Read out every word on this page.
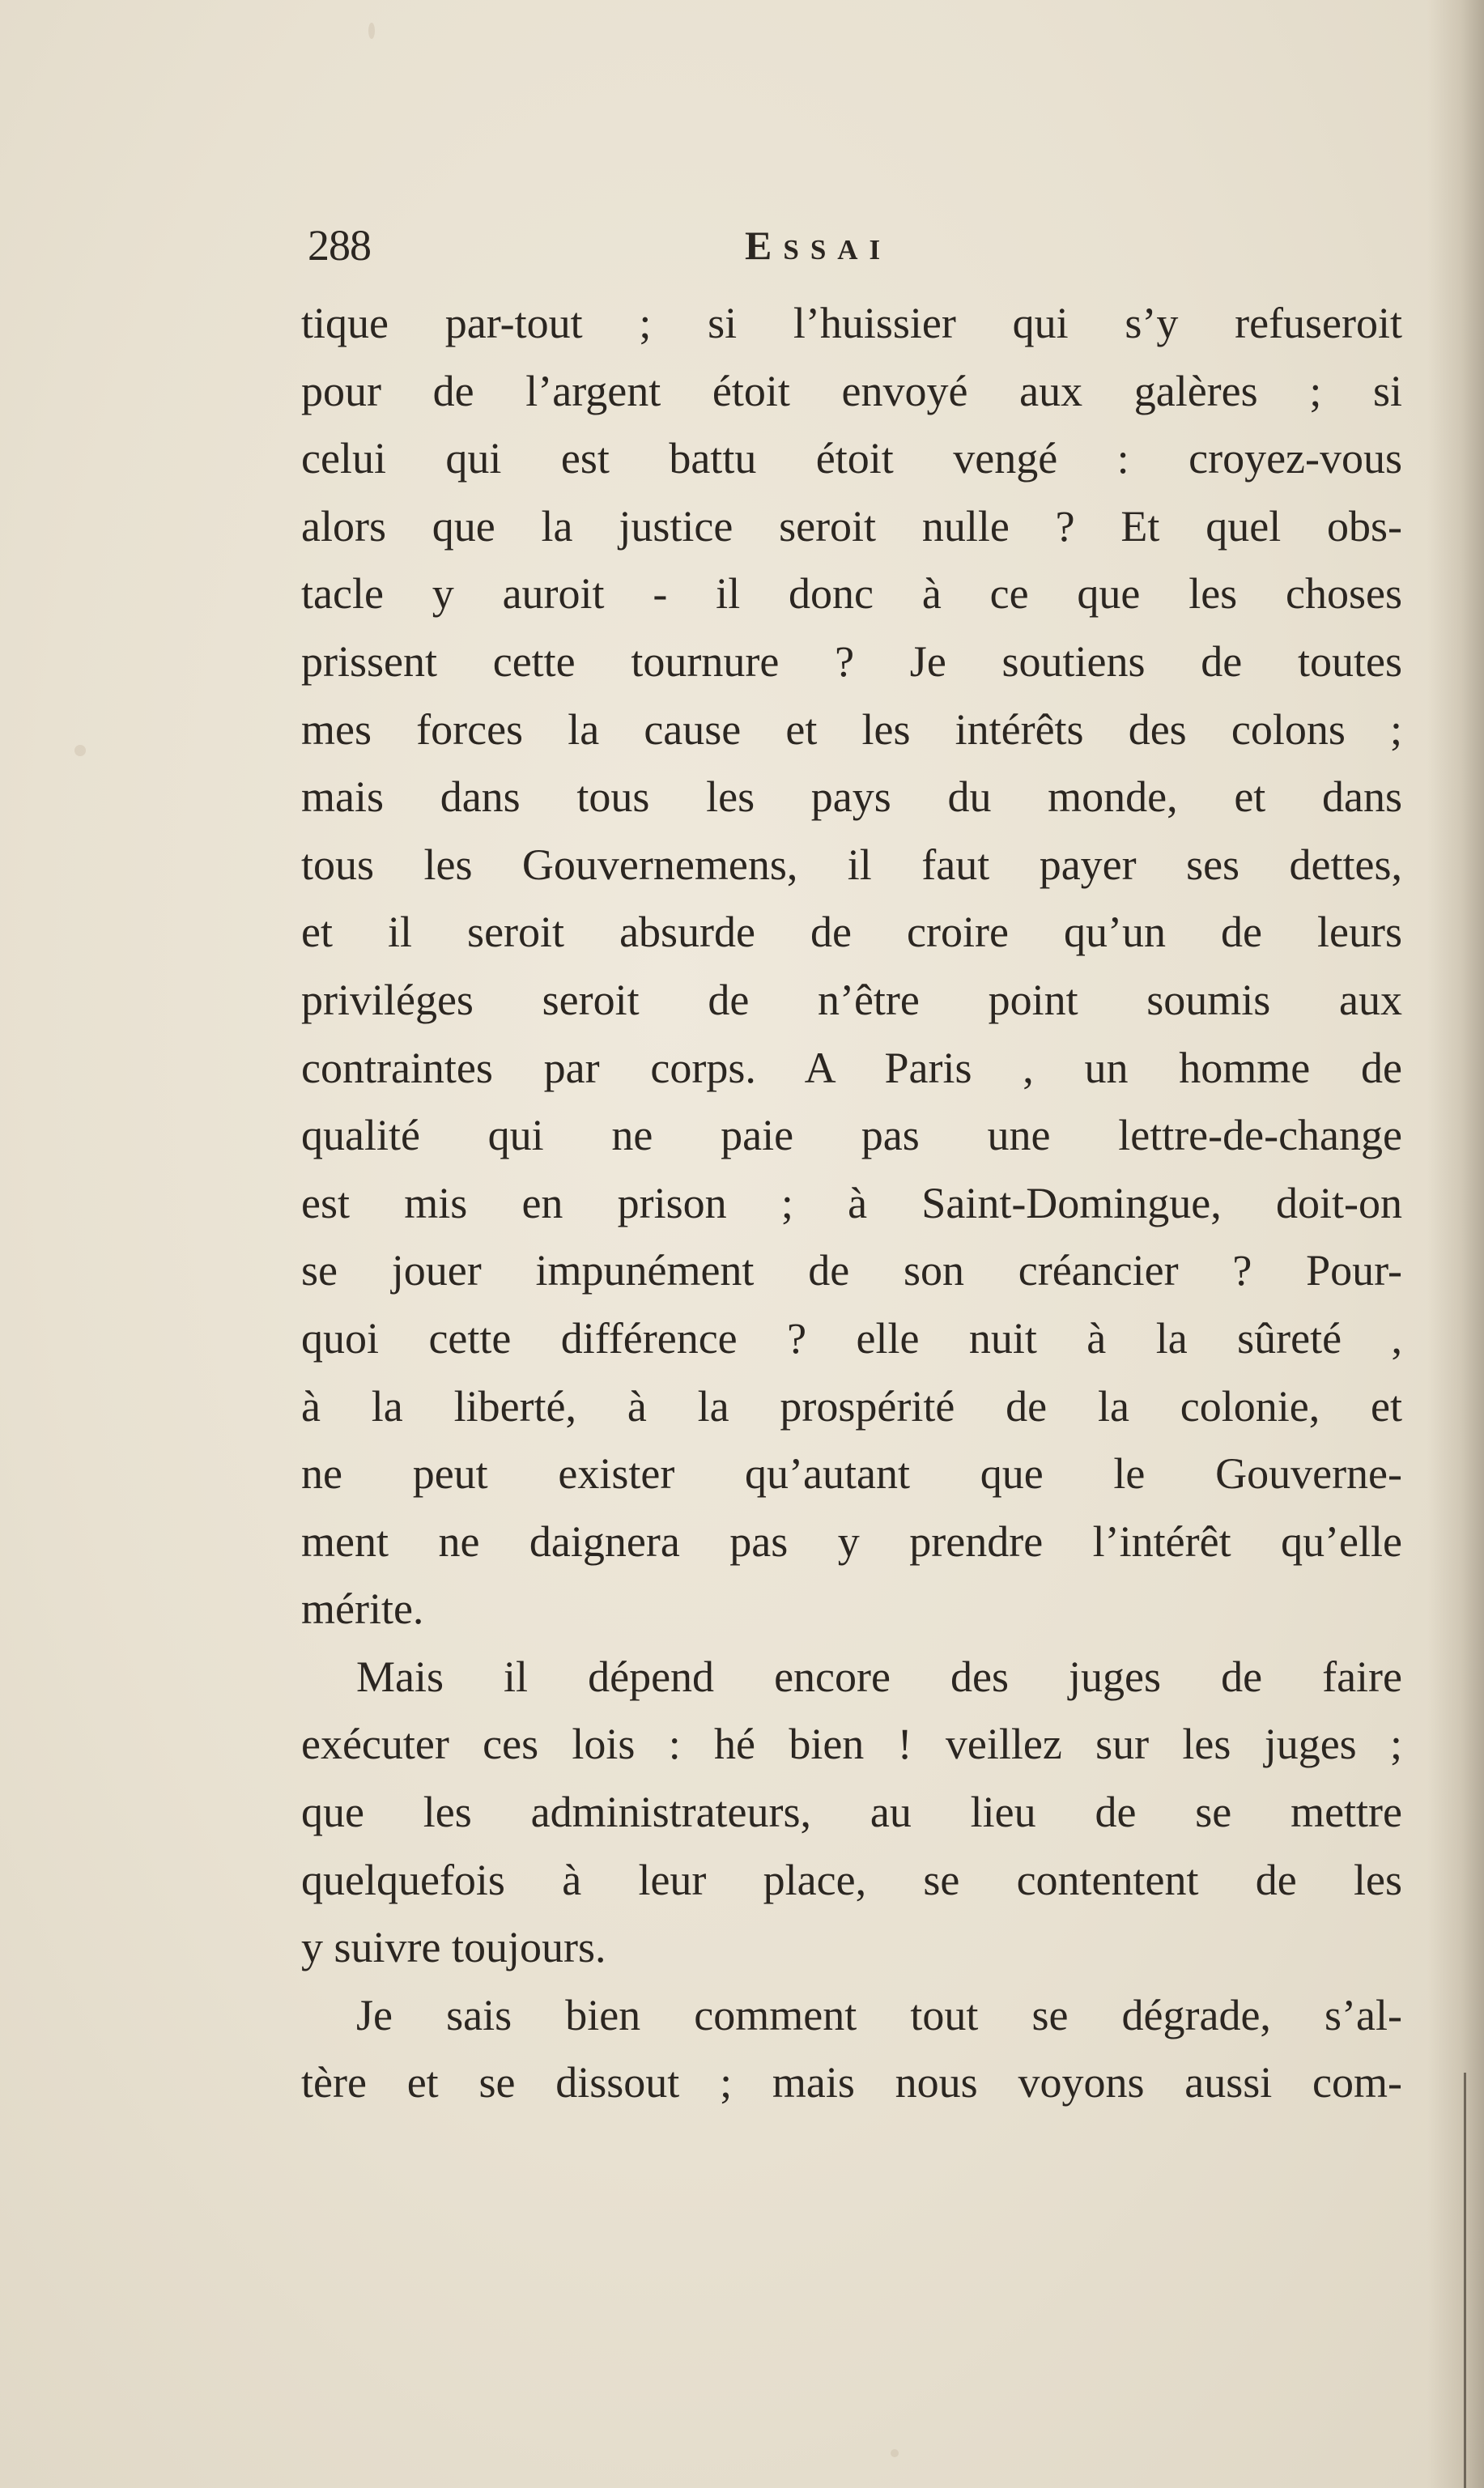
288	Essai
tique par-tout ; si l’huissier qui s’y refuseroit
pour de l’argent étoit envoyé aux galères ; si
celui qui est battu étoit vengé : croyez-vous
alors que la justice seroit nulle ? Et quel obs-
tacle y auroit - il donc à ce que les choses
prissent cette tournure ? Je soutiens de toutes
mes forces la cause et les intérêts des colons ;
mais dans tous les pays du monde, et dans
tous les Gouvernemens, il faut payer ses dettes,
et il seroit absurde de croire qu’un de leurs
priviléges seroit de n’être point soumis aux
contraintes par corps. A Paris , un homme de
qualité qui ne paie pas une lettre-de-change
est mis en prison ; à Saint-Domingue, doit-on
se jouer impunément de son créancier ? Pour-
quoi cette différence ? elle nuit à la sûreté ,
à la liberté, à la prospérité de la colonie, et
ne peut exister qu’autant que le Gouverne-
ment ne daignera pas y prendre l’intérêt qu’elle
mérite.
Mais il dépend encore des juges de faire
exécuter ces lois : hé bien ! veillez sur les juges ;
que les administrateurs, au lieu de se mettre
quelquefois à leur place, se contentent de les
y suivre toujours.
Je sais bien comment tout se dégrade, s’al-
tère et se dissout ; mais nous voyons aussi com-
